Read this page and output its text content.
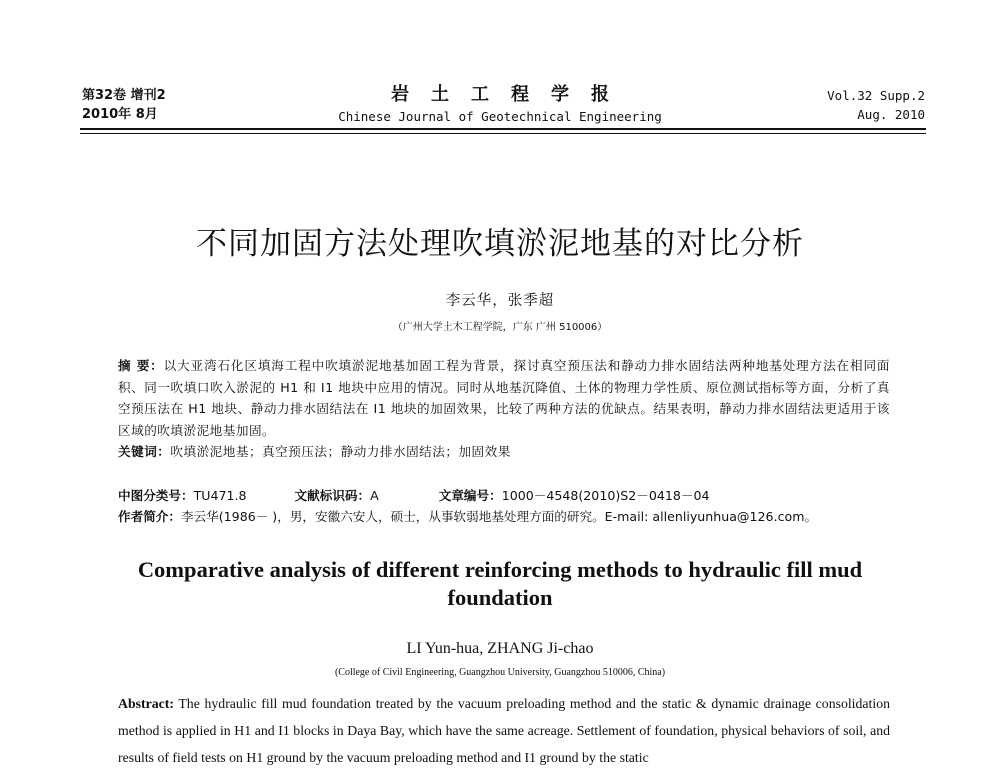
第32卷 增刊2
2010年 8月
岩土工程学报
Chinese Journal of Geotechnical Engineering
Vol.32 Supp.2
Aug. 2010
不同加固方法处理吹填淤泥地基的对比分析
李云华，张季超
（广州大学土木工程学院，广东 广州 510006）
摘 要：以大亚湾石化区填海工程中吹填淤泥地基加固工程为背景，探讨真空预压法和静动力排水固结法两种地基处理方法在相同面积、同一吹填口吹入淤泥的 H1 和 I1 地块中应用的情况。同时从地基沉降值、土体的物理力学性质、原位测试指标等方面，分析了真空预压法在 H1 地块、静动力排水固结法在 I1 地块的加固效果，比较了两种方法的优缺点。结果表明，静动力排水固结法更适用于该区域的吹填淤泥地基加固。
关键词：吹填淤泥地基；真空预压法；静动力排水固结法；加固效果
中图分类号：TU471.8	文献标识码：A	文章编号：1000－4548(2010)S2－0418－04
作者简介：李云华(1986－ )，男，安徽六安人，硕士，从事软弱地基处理方面的研究。E-mail: allenliyunhua@126.com。
Comparative analysis of different reinforcing methods to hydraulic fill mud foundation
LI Yun-hua, ZHANG Ji-chao
(College of Civil Engineering, Guangzhou University, Guangzhou 510006, China)
Abstract: The hydraulic fill mud foundation treated by the vacuum preloading method and the static & dynamic drainage consolidation method is applied in H1 and I1 blocks in Daya Bay, which have the same acreage. Settlement of foundation, physical behaviors of soil, and results of field tests on H1 ground by the vacuum preloading method and I1 ground by the static
